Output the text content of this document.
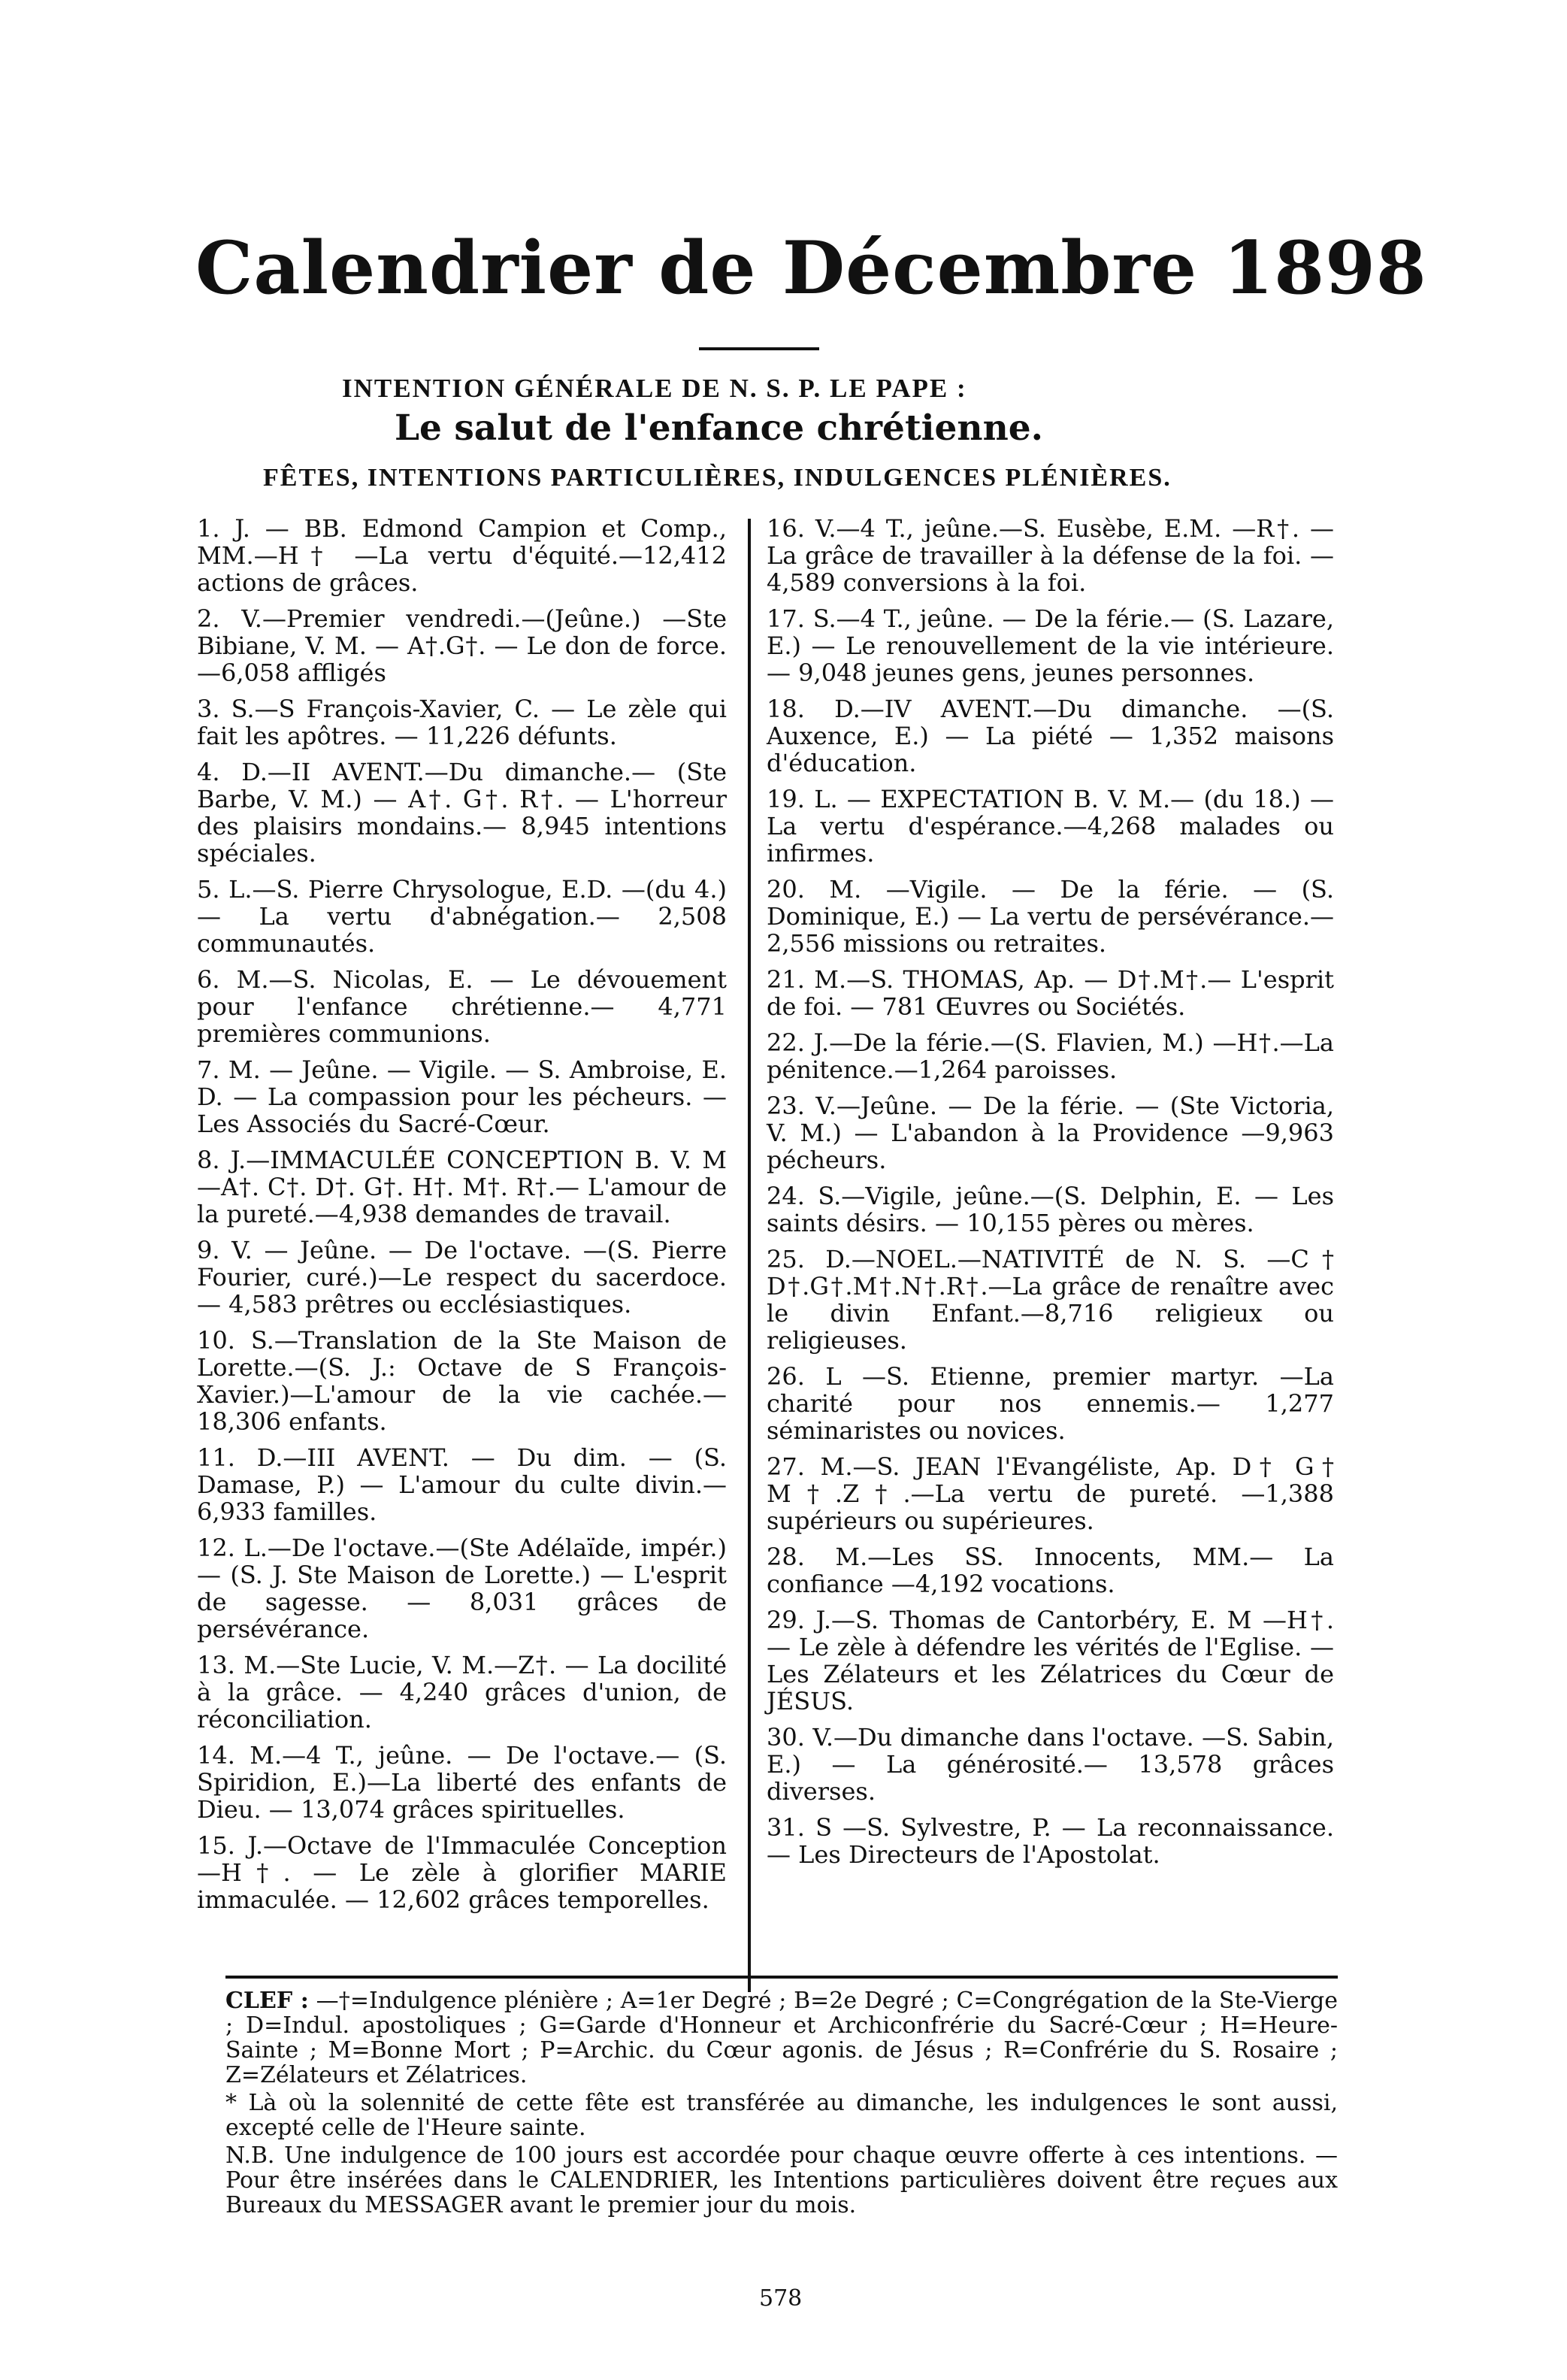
Calendrier de Décembre 1898
INTENTION GÉNÉRALE DE N. S. P. LE PAPE :
Le salut de l'enfance chrétienne.
FÊTES, INTENTIONS PARTICULIÈRES, INDULGENCES PLÉNIÈRES.

1. J. — BB. Edmond Campion et Comp., MM.—H† —La vertu d'équité.—12,412 actions de grâces.

2. V.—Premier vendredi.—(Jeûne.) —Ste Bibiane, V. M. — A†.G†. — Le don de force.—6,058 affligés

3. S.—S François-Xavier, C. — Le zèle qui fait les apôtres. — 11,226 défunts.

4. D.—II AVENT.—Du dimanche.— (Ste Barbe, V. M.) — A†. G†. R†. — L'horreur des plaisirs mondains.— 8,945 intentions spéciales.

5. L.—S. Pierre Chrysologue, E.D. —(du 4.) — La vertu d'abnégation.— 2,508 communautés.

6. M.—S. Nicolas, E. — Le dévouement pour l'enfance chrétienne.— 4,771 premières communions.

7. M. — Jeûne. — Vigile. — S. Ambroise, E. D. — La compassion pour les pécheurs. — Les Associés du Sacré-Cœur.

8. J.—IMMACULÉE CONCEPTION B. V. M —A†. C†. D†. G†. H†. M†. R†.— L'amour de la pureté.—4,938 demandes de travail.

9. V. — Jeûne. — De l'octave. —(S. Pierre Fourier, curé.)—Le respect du sacerdoce. — 4,583 prêtres ou ecclésiastiques.

10. S.—Translation de la Ste Maison de Lorette.—(S. J.: Octave de S François-Xavier.)—L'amour de la vie cachée.—18,306 enfants.

11. D.—III AVENT. — Du dim. — (S. Damase, P.) — L'amour du culte divin.—6,933 familles.

12. L.—De l'octave.—(Ste Adélaïde, impér.) — (S. J. Ste Maison de Lorette.) — L'esprit de sagesse. — 8,031 grâces de persévérance.

13. M.—Ste Lucie, V. M.—Z†. — La docilité à la grâce. — 4,240 grâces d'union, de réconciliation.

14. M.—4 T., jeûne. — De l'octave.— (S. Spiridion, E.)—La liberté des enfants de Dieu. — 13,074 grâces spirituelles.

15. J.—Octave de l'Immaculée Conception —H†. — Le zèle à glorifier MARIE immaculée. — 12,602 grâces temporelles.

16. V.—4 T., jeûne.—S. Eusèbe, E.M. —R†. — La grâce de travailler à la défense de la foi. — 4,589 conversions à la foi.

17. S.—4 T., jeûne. — De la férie.— (S. Lazare, E.) — Le renouvellement de la vie intérieure. — 9,048 jeunes gens, jeunes personnes.

18. D.—IV AVENT.—Du dimanche. —(S. Auxence, E.) — La piété — 1,352 maisons d'éducation.

19. L. — EXPECTATION B. V. M.— (du 18.) — La vertu d'espérance.—4,268 malades ou infirmes.

20. M. —Vigile. — De la férie. — (S. Dominique, E.) — La vertu de persévérance.—2,556 missions ou retraites.

21. M.—S. THOMAS, Ap. — D†.M†.— L'esprit de foi. — 781 Œuvres ou Sociétés.

22. J.—De la férie.—(S. Flavien, M.) —H†.—La pénitence.—1,264 paroisses.

23. V.—Jeûne. — De la férie. — (Ste Victoria, V. M.) — L'abandon à la Providence —9,963 pécheurs.

24. S.—Vigile, jeûne.—(S. Delphin, E. — Les saints désirs. — 10,155 pères ou mères.

25. D.—NOEL.—NATIVITÉ de N. S. —C† D†.G†.M†.N†.R†.—La grâce de renaître avec le divin Enfant.—8,716 religieux ou religieuses.

26. L —S. Etienne, premier martyr. —La charité pour nos ennemis.— 1,277 séminaristes ou novices.

27. M.—S. JEAN l'Evangéliste, Ap. D† G† M†.Z†.—La vertu de pureté. —1,388 supérieurs ou supérieures.

28. M.—Les SS. Innocents, MM.— La confiance —4,192 vocations.

29. J.—S. Thomas de Cantorbéry, E. M —H†. — Le zèle à défendre les vérités de l'Eglise. — Les Zélateurs et les Zélatrices du Cœur de JÉSUS.

30. V.—Du dimanche dans l'octave. —S. Sabin, E.) — La générosité.— 13,578 grâces diverses.

31. S —S. Sylvestre, P. — La reconnaissance. — Les Directeurs de l'Apostolat.

CLEF : —†=Indulgence plénière ; A=1er Degré ; B=2e Degré ; C=Congrégation de la Ste-Vierge ; D=Indul. apostoliques ; G=Garde d'Honneur et Archiconfrérie du Sacré-Cœur ; H=Heure-Sainte ; M=Bonne Mort ; P=Archic. du Cœur agonis. de Jésus ; R=Confrérie du S. Rosaire ; Z=Zélateurs et Zélatrices.

* Là où la solennité de cette fête est transférée au dimanche, les indulgences le sont aussi, excepté celle de l'Heure sainte.

N.B. Une indulgence de 100 jours est accordée pour chaque œuvre offerte à ces intentions. — Pour être insérées dans le CALENDRIER, les Intentions particulières doivent être reçues aux Bureaux du MESSAGER avant le premier jour du mois.

578
